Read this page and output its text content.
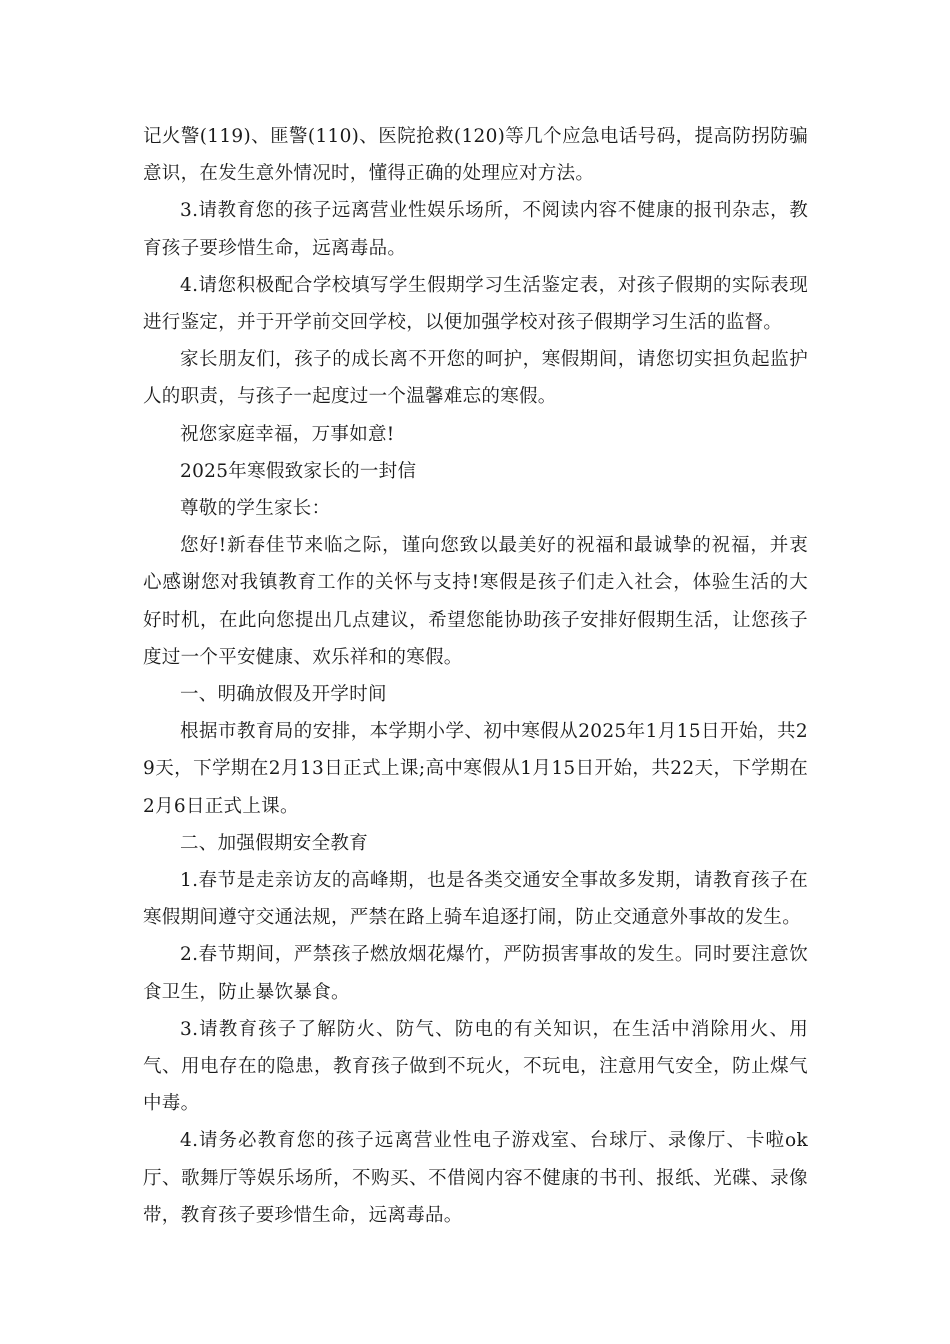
记火警(119)、匪警(110)、医院抢救(120)等几个应急电话号码，提高防拐防骗意识，在发生意外情况时，懂得正确的处理应对方法。

3.请教育您的孩子远离营业性娱乐场所，不阅读内容不健康的报刊杂志，教育孩子要珍惜生命，远离毒品。

4.请您积极配合学校填写学生假期学习生活鉴定表，对孩子假期的实际表现进行鉴定，并于开学前交回学校，以便加强学校对孩子假期学习生活的监督。

家长朋友们，孩子的成长离不开您的呵护，寒假期间，请您切实担负起监护人的职责，与孩子一起度过一个温馨难忘的寒假。

祝您家庭幸福，万事如意!

2025年寒假致家长的一封信

尊敬的学生家长：

您好!新春佳节来临之际，谨向您致以最美好的祝福和最诚挚的祝福，并衷心感谢您对我镇教育工作的关怀与支持!寒假是孩子们走入社会，体验生活的大好时机，在此向您提出几点建议，希望您能协助孩子安排好假期生活，让您孩子度过一个平安健康、欢乐祥和的寒假。

一、明确放假及开学时间

根据市教育局的安排，本学期小学、初中寒假从2025年1月15日开始，共29天，下学期在2月13日正式上课;高中寒假从1月15日开始，共22天，下学期在2月6日正式上课。

二、加强假期安全教育

1.春节是走亲访友的高峰期，也是各类交通安全事故多发期，请教育孩子在寒假期间遵守交通法规，严禁在路上骑车追逐打闹，防止交通意外事故的发生。

2.春节期间，严禁孩子燃放烟花爆竹，严防损害事故的发生。同时要注意饮食卫生，防止暴饮暴食。

3.请教育孩子了解防火、防气、防电的有关知识，在生活中消除用火、用气、用电存在的隐患，教育孩子做到不玩火，不玩电，注意用气安全，防止煤气中毒。

4.请务必教育您的孩子远离营业性电子游戏室、台球厅、录像厅、卡啦ok厅、歌舞厅等娱乐场所，不购买、不借阅内容不健康的书刊、报纸、光碟、录像带，教育孩子要珍惜生命，远离毒品。
